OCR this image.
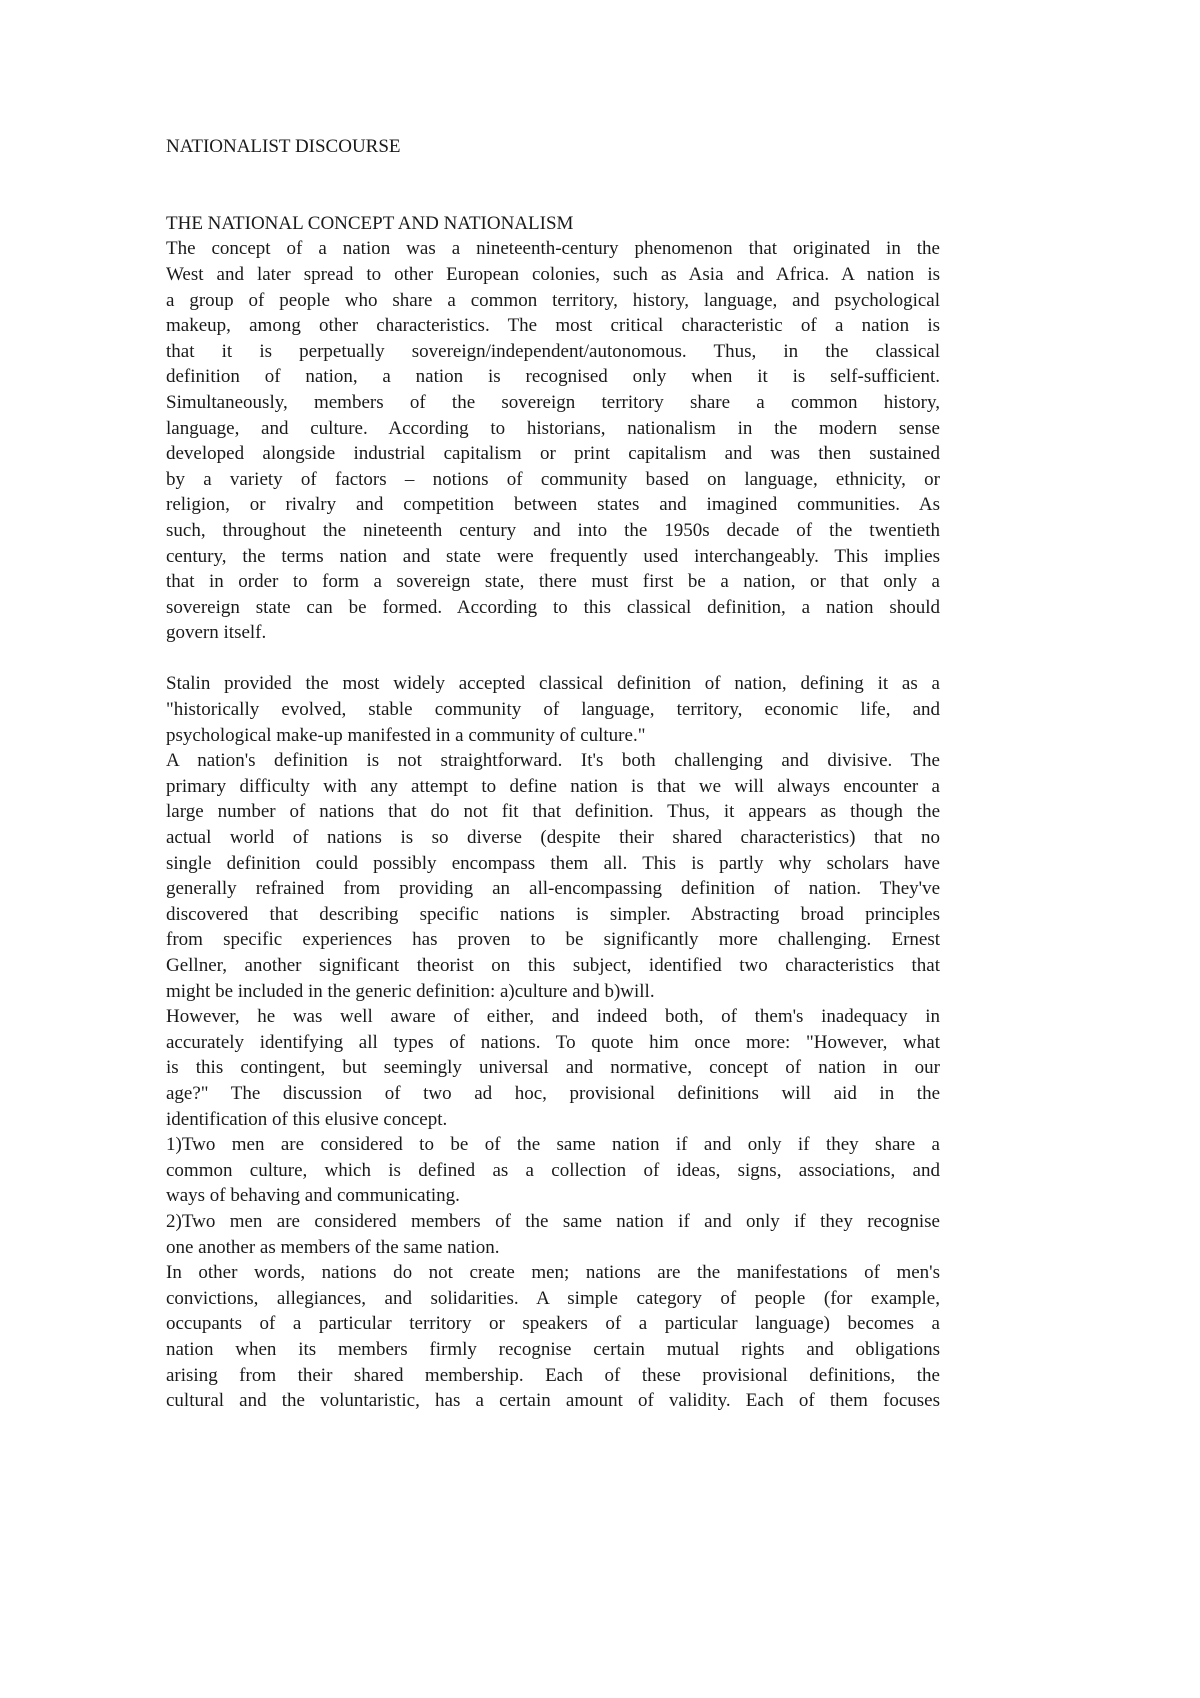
NATIONALIST DISCOURSE
THE NATIONAL CONCEPT AND NATIONALISM
The concept of a nation was a nineteenth-century phenomenon that originated in the
West and later spread to other European colonies, such as Asia and Africa. A nation is
a group of people who share a common territory, history, language, and psychological
makeup, among other characteristics. The most critical characteristic of a nation is
that it is perpetually sovereign/independent/autonomous. Thus, in the classical
definition of nation, a nation is recognised only when it is self-sufficient.
Simultaneously, members of the sovereign territory share a common history,
language, and culture. According to historians, nationalism in the modern sense
developed alongside industrial capitalism or print capitalism and was then sustained
by a variety of factors – notions of community based on language, ethnicity, or
religion, or rivalry and competition between states and imagined communities. As
such, throughout the nineteenth century and into the 1950s decade of the twentieth
century, the terms nation and state were frequently used interchangeably. This implies
that in order to form a sovereign state, there must first be a nation, or that only a
sovereign state can be formed. According to this classical definition, a nation should
govern itself.
Stalin provided the most widely accepted classical definition of nation, defining it as a
"historically evolved, stable community of language, territory, economic life, and
psychological make-up manifested in a community of culture."
A nation's definition is not straightforward. It's both challenging and divisive. The
primary difficulty with any attempt to define nation is that we will always encounter a
large number of nations that do not fit that definition. Thus, it appears as though the
actual world of nations is so diverse (despite their shared characteristics) that no
single definition could possibly encompass them all. This is partly why scholars have
generally refrained from providing an all-encompassing definition of nation. They've
discovered that describing specific nations is simpler. Abstracting broad principles
from specific experiences has proven to be significantly more challenging. Ernest
Gellner, another significant theorist on this subject, identified two characteristics that
might be included in the generic definition: a)culture and b)will.
However, he was well aware of either, and indeed both, of them's inadequacy in
accurately identifying all types of nations. To quote him once more: "However, what
is this contingent, but seemingly universal and normative, concept of nation in our
age?" The discussion of two ad hoc, provisional definitions will aid in the
identification of this elusive concept.
1)Two men are considered to be of the same nation if and only if they share a
common culture, which is defined as a collection of ideas, signs, associations, and
ways of behaving and communicating.
2)Two men are considered members of the same nation if and only if they recognise
one another as members of the same nation.
In other words, nations do not create men; nations are the manifestations of men's
convictions, allegiances, and solidarities. A simple category of people (for example,
occupants of a particular territory or speakers of a particular language) becomes a
nation when its members firmly recognise certain mutual rights and obligations
arising from their shared membership. Each of these provisional definitions, the
cultural and the voluntaristic, has a certain amount of validity. Each of them focuses
